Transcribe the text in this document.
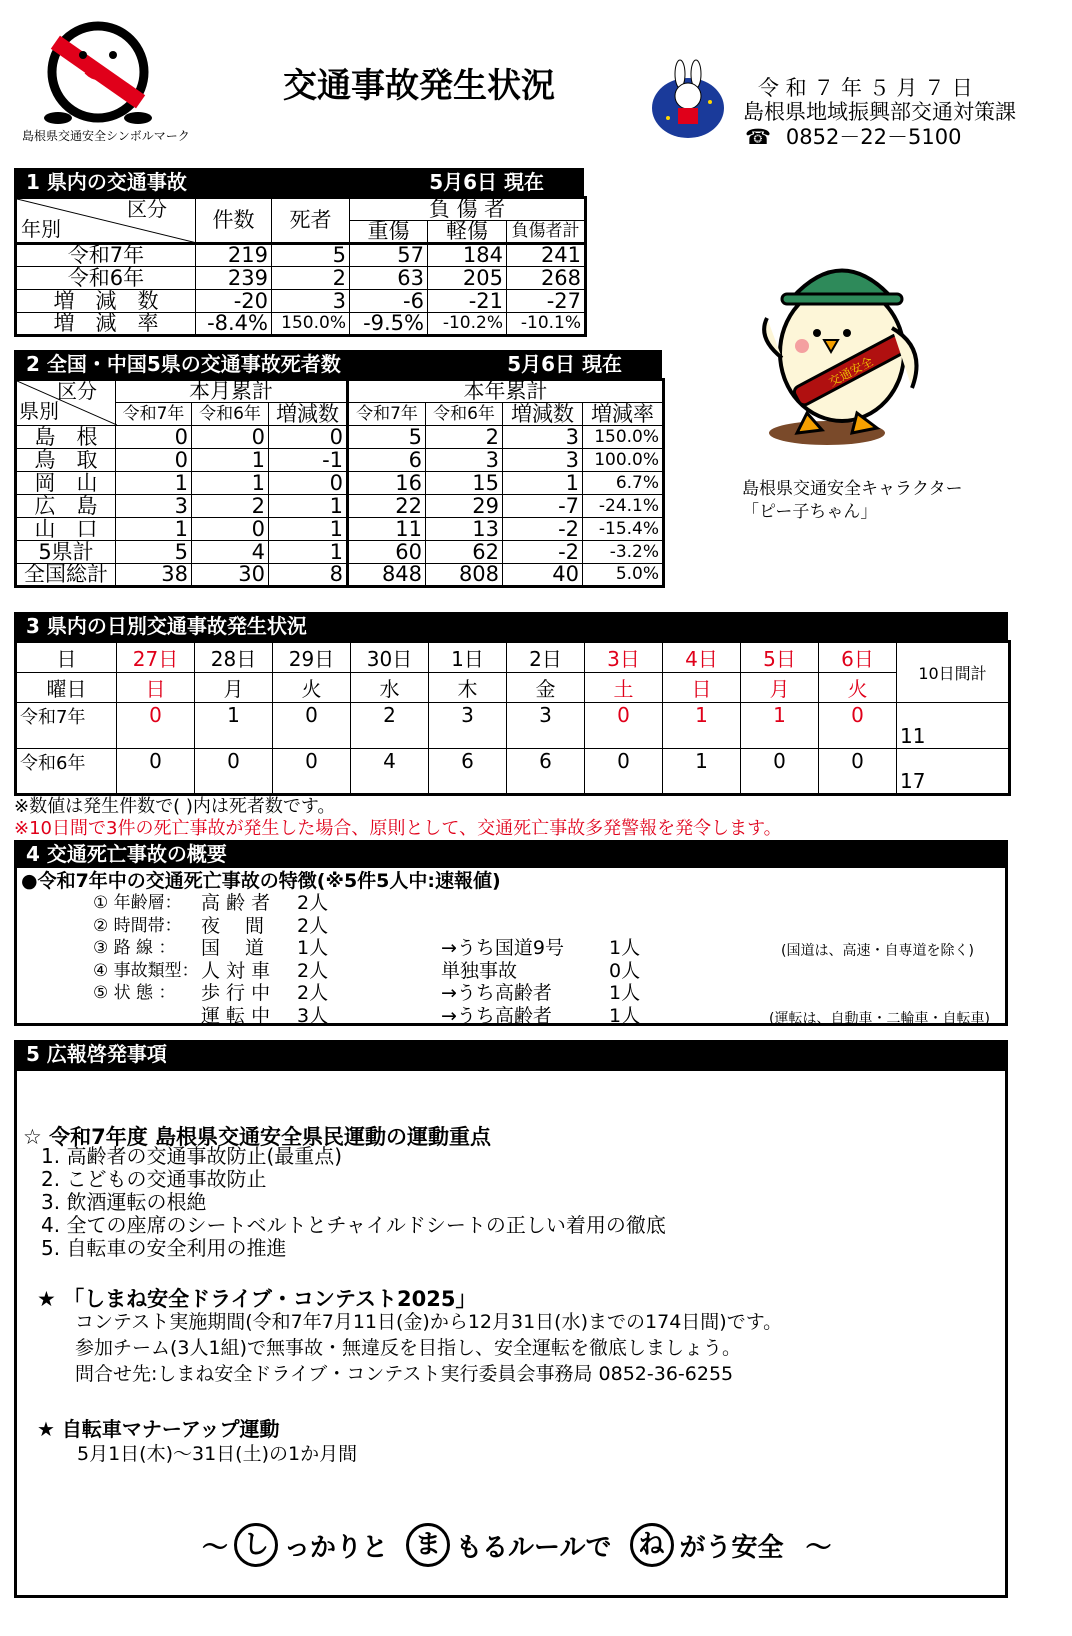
島根県交通安全シンボルマーク
交通事故発生状況	令 和 ７ 年 ５ 月 ７ 日
島根県地域振興部交通対策課
☎ 0852－22－5100
交通安全
島根県交通安全キャラクター
「ピー子ちゃん」
1 県内の交通事故	5月6日 現在
区分
年別	件数	死者	負 傷 者		
			重傷	軽傷	負傷者計
令和7年	219	5	57	184	241
令和6年	239	2	63	205	268
増　減　数	-20	3	-6	-21	-27
増　減　率	-8.4%	150.0%	-9.5%	-10.2%	-10.1%
2 全国・中国5県の交通事故死者数	5月6日 現在
区分
県別	本月累計			本年累計			
	令和7年	令和6年	増減数	令和7年	令和6年	増減数	増減率
島　根	0	0	0	5	2	3	150.0%
鳥　取	0	1	-1	6	3	3	100.0%
岡　山	1	1	0	16	15	1	6.7%
広　島	3	2	1	22	29	-7	-24.1%
山　口	1	0	1	11	13	-2	-15.4%
5県計	5	4	1	60	62	-2	-3.2%
全国総計	38	30	8	848	808	40	5.0%
3 県内の日別交通事故発生状況
日	27日	28日	29日	30日	1日	2日	3日	4日	5日	6日	10日間計
曜日	日	月	火	水	木	金	土	日	月	火	
令和7年	0	1	0	2	3	3	0	1	1	0	11
令和6年	0	0	0	4	6	6	0	1	0	0	17
※数値は発生件数で( )内は死者数です。
※10日間で3件の死亡事故が発生した場合、原則として、交通死亡事故多発警報を発令します。
4 交通死亡事故の概要
●令和7年中の交通死亡事故の特徴(※5件5人中:速報値)
① 年齢層： 高 齢 者 2人
② 時間帯： 夜　 間 2人
③ 路 線 ： 国　 道 1人	→うち国道9号 1人
④ 事故類型： 人 対 車 2人	単独事故	0人
⑤ 状 態 ： 歩 行 中 2人	→うち高齢者	1人
運 転 中 3人	→うち高齢者	1人
(国道は、高速・自専道を除く)
(運転は、自動車・二輪車・自転車)
5 広報啓発事項
☆ 令和7年度 島根県交通安全県民運動の運動重点
1. 高齢者の交通事故防止(最重点)
2. こどもの交通事故防止
3. 飲酒運転の根絶
4. 全ての座席のシートベルトとチャイルドシートの正しい着用の徹底
5. 自転車の安全利用の推進
★ 「しまね安全ドライブ・コンテスト2025」
コンテスト実施期間(令和7年7月11日(金)から12月31日(水)までの174日間)です。
参加チーム(3人1組)で無事故・無違反を目指し、安全運転を徹底しましょう。
問合せ先:しまね安全ドライブ・コンテスト実行委員会事務局 0852-36-6255
★ 自転車マナーアップ運動
5月1日(木)～31日(土)の1か月間
～ し っかりと	ま もるルールで	ね がう安全 ～
